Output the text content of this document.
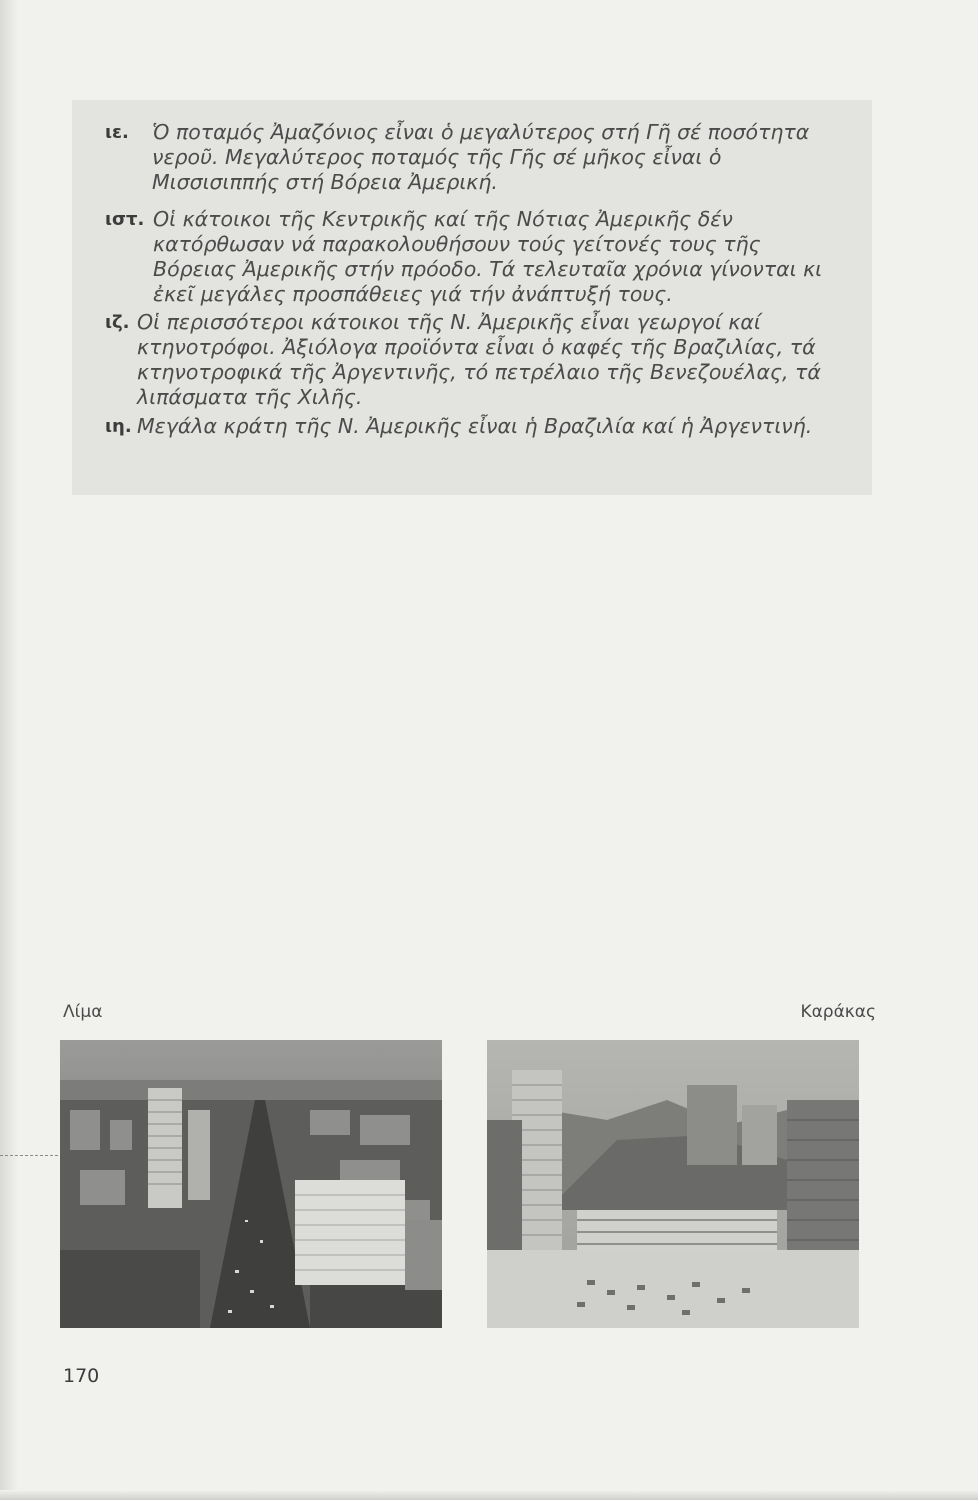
ιε.	Ὁ ποταμός Ἀμαζόνιος εἶναι ὁ μεγαλύτερος στή Γῆ σέ ποσότητα νεροῦ. Μεγαλύτερος ποταμός τῆς Γῆς σέ μῆκος εἶναι ὁ Μισσισιππής στή Βόρεια Ἀμερική.
ιστ. Οἱ κάτοικοι τῆς Κεντρικῆς καί τῆς Νότιας Ἀμερικῆς δέν κατόρθωσαν νά παρακολουθήσουν τούς γείτονές τους τῆς Βόρειας Ἀμερικῆς στήν πρόοδο. Τά τελευταῖα χρόνια γίνονται κι ἐκεῖ μεγάλες προσπάθειες γιά τήν ἀνάπτυξή τους.
ιζ. Οἱ περισσότεροι κάτοικοι τῆς Ν. Ἀμερικῆς εἶναι γεωργοί καί κτηνοτρόφοι. Ἀξιόλογα προϊόντα εἶναι ὁ καφές τῆς Βραζιλίας, τά κτηνοτροφικά τῆς Ἀργεντινῆς, τό πετρέλαιο τῆς Βενεζουέλας, τά λιπάσματα τῆς Χιλῆς.
ιη. Μεγάλα κράτη τῆς Ν. Ἀμερικῆς εἶναι ἡ Βραζιλία καί ἡ Ἀργεντινή.
Λίμα	Καράκας
170
